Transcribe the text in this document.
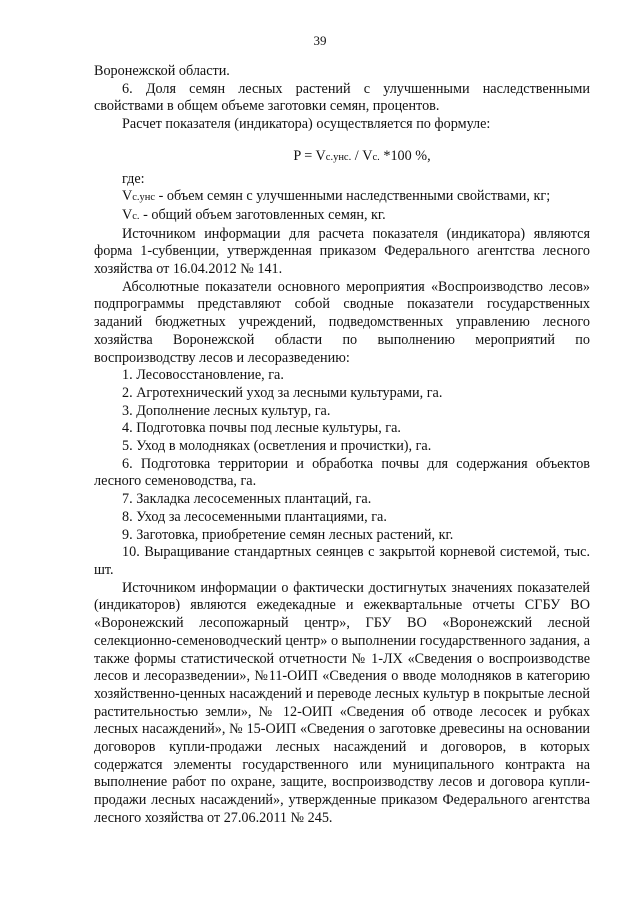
39

Воронежской области.

6. Доля семян лесных растений с улучшенными наследственными свойствами в общем объеме заготовки семян, процентов.

Расчет показателя (индикатора) осуществляется по формуле:

P = Vс.унс. / Vс. *100 %,

где:

Vс.унс - объем семян с улучшенными наследственными свойствами, кг;

Vс. - общий объем заготовленных семян, кг.

Источником информации для расчета показателя (индикатора) являются форма 1-субвенции, утвержденная приказом Федерального агентства лесного хозяйства от 16.04.2012 № 141.

Абсолютные показатели основного мероприятия «Воспроизводство лесов» подпрограммы представляют собой сводные показатели государственных заданий бюджетных учреждений, подведомственных управлению лесного хозяйства Воронежской области по выполнению мероприятий по воспроизводству лесов и лесоразведению:

1. Лесовосстановление, га.

2. Агротехнический уход за лесными культурами, га.

3. Дополнение лесных культур, га.

4. Подготовка почвы под лесные культуры, га.

5. Уход в молодняках (осветления и прочистки), га.

6. Подготовка территории и обработка почвы для содержания объектов лесного семеноводства, га.

7. Закладка лесосеменных плантаций, га.

8. Уход за лесосеменными плантациями, га.

9. Заготовка, приобретение семян лесных растений, кг.

10. Выращивание стандартных сеянцев с закрытой корневой системой, тыс. шт.

Источником информации о фактически достигнутых значениях показателей (индикаторов) являются ежедекадные и ежеквартальные отчеты СГБУ ВО «Воронежский лесопожарный центр», ГБУ ВО «Воронежский лесной селекционно-семеноводческий центр» о выполнении государственного задания, а также формы статистической отчетности № 1-ЛХ «Сведения о воспроизводстве лесов и лесоразведении», №11-ОИП «Сведения о вводе молодняков в категорию хозяйственно-ценных насаждений и переводе лесных культур в покрытые лесной растительностью земли», № 12-ОИП «Сведения об отводе лесосек и рубках лесных насаждений», № 15-ОИП «Сведения о заготовке древесины на основании договоров купли-продажи лесных насаждений и договоров, в которых содержатся элементы государственного или муниципального контракта на выполнение работ по охране, защите, воспроизводству лесов и договора купли-продажи лесных насаждений», утвержденные приказом Федерального агентства лесного хозяйства от 27.06.2011 № 245.
